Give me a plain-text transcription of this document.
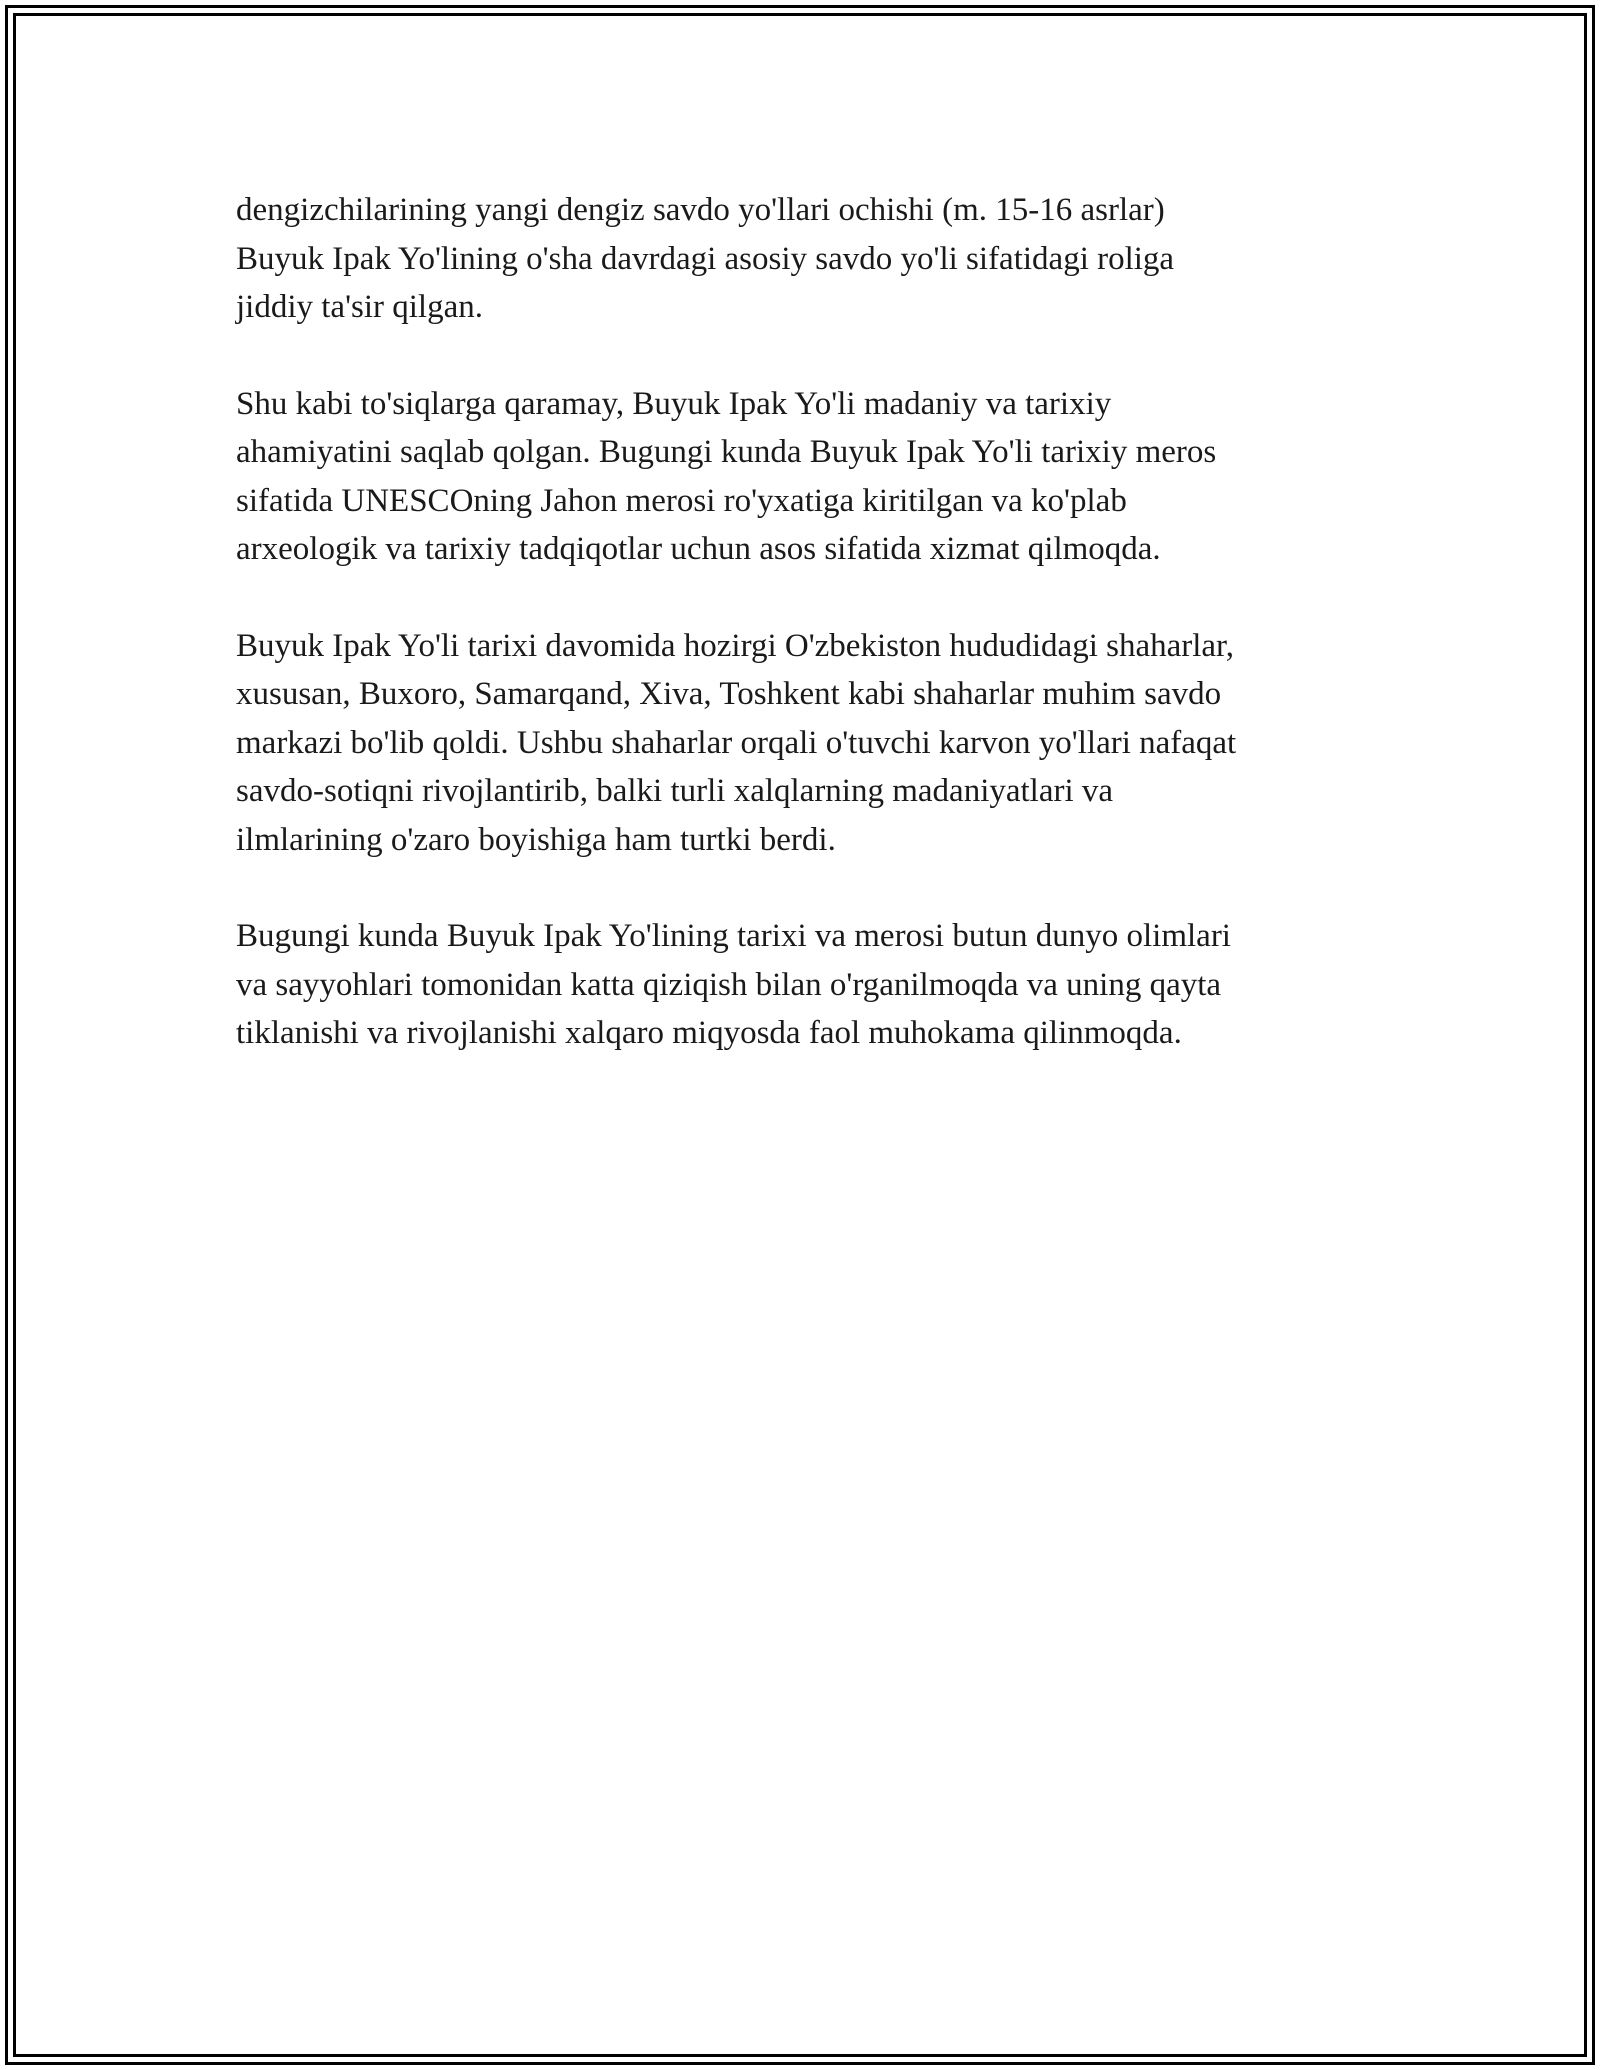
dengizchilarining yangi dengiz savdo yo'llari ochishi (m. 15-16 asrlar)
Buyuk Ipak Yo'lining o'sha davrdagi asosiy savdo yo'li sifatidagi roliga
jiddiy ta'sir qilgan.

Shu kabi to'siqlarga qaramay, Buyuk Ipak Yo'li madaniy va tarixiy
ahamiyatini saqlab qolgan. Bugungi kunda Buyuk Ipak Yo'li tarixiy meros
sifatida UNESCOning Jahon merosi ro'yxatiga kiritilgan va ko'plab
arxeologik va tarixiy tadqiqotlar uchun asos sifatida xizmat qilmoqda.

Buyuk Ipak Yo'li tarixi davomida hozirgi O'zbekiston hududidagi shaharlar,
xususan, Buxoro, Samarqand, Xiva, Toshkent kabi shaharlar muhim savdo
markazi bo'lib qoldi. Ushbu shaharlar orqali o'tuvchi karvon yo'llari nafaqat
savdo-sotiqni rivojlantirib, balki turli xalqlarning madaniyatlari va
ilmlarining o'zaro boyishiga ham turtki berdi.

Bugungi kunda Buyuk Ipak Yo'lining tarixi va merosi butun dunyo olimlari
va sayyohlari tomonidan katta qiziqish bilan o'rganilmoqda va uning qayta
tiklanishi va rivojlanishi xalqaro miqyosda faol muhokama qilinmoqda.
